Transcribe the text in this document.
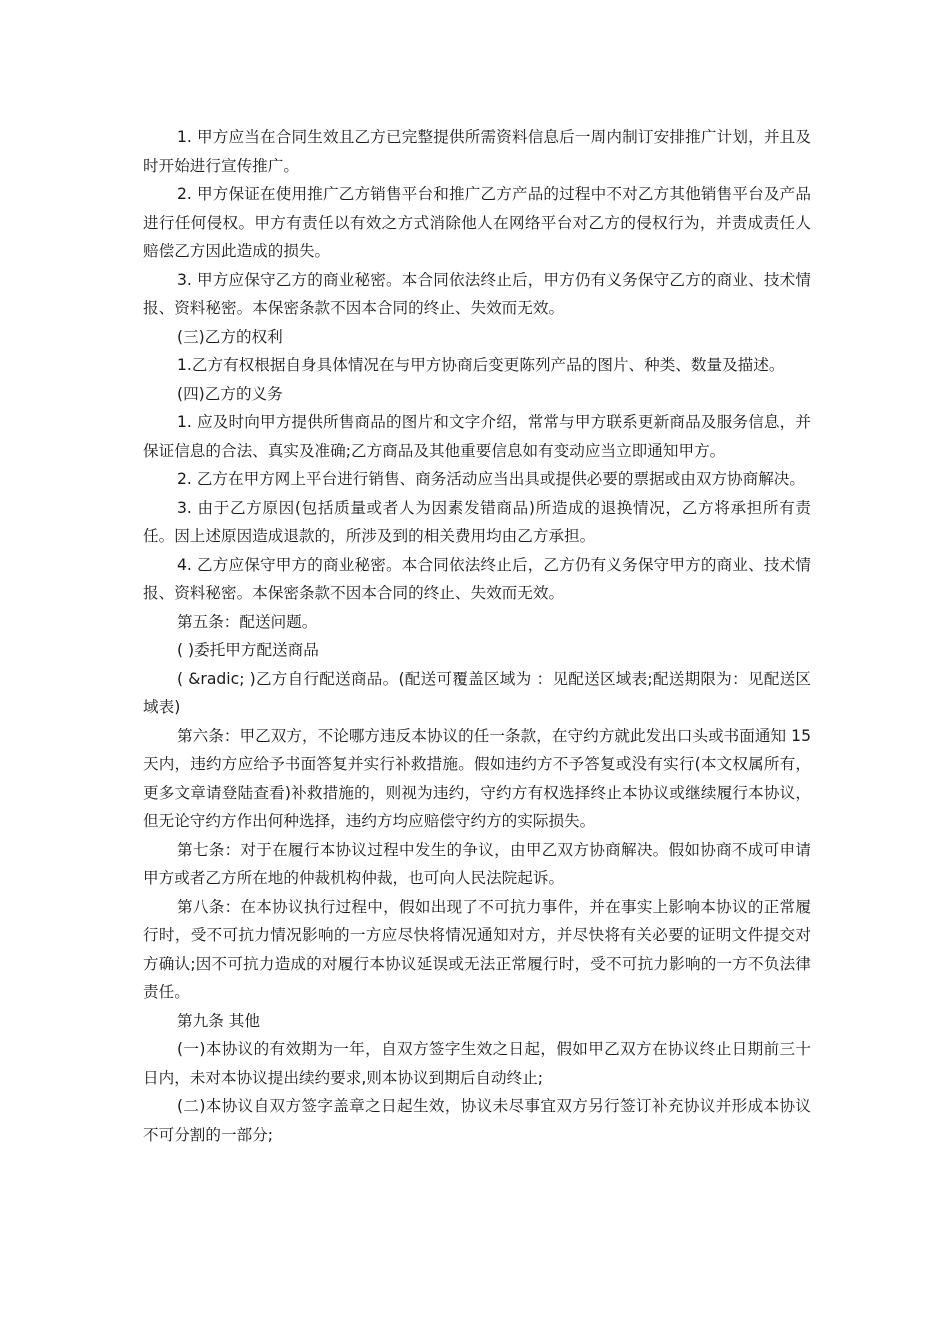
1. 甲方应当在合同生效且乙方已完整提供所需资料信息后一周内制订安排推广计划，并且及时开始进行宣传推广。

2. 甲方保证在使用推广乙方销售平台和推广乙方产品的过程中不对乙方其他销售平台及产品进行任何侵权。甲方有责任以有效之方式消除他人在网络平台对乙方的侵权行为，并责成责任人赔偿乙方因此造成的损失。

3. 甲方应保守乙方的商业秘密。本合同依法终止后，甲方仍有义务保守乙方的商业、技术情报、资料秘密。本保密条款不因本合同的终止、失效而无效。

(三)乙方的权利

1.乙方有权根据自身具体情况在与甲方协商后变更陈列产品的图片、种类、数量及描述。

(四)乙方的义务

1. 应及时向甲方提供所售商品的图片和文字介绍，常常与甲方联系更新商品及服务信息，并保证信息的合法、真实及准确;乙方商品及其他重要信息如有变动应当立即通知甲方。

2. 乙方在甲方网上平台进行销售、商务活动应当出具或提供必要的票据或由双方协商解决。

3. 由于乙方原因(包括质量或者人为因素发错商品)所造成的退换情况，乙方将承担所有责任。因上述原因造成退款的，所涉及到的相关费用均由乙方承担。

4. 乙方应保守甲方的商业秘密。本合同依法终止后，乙方仍有义务保守甲方的商业、技术情报、资料秘密。本保密条款不因本合同的终止、失效而无效。

第五条：配送问题。

( )委托甲方配送商品

( &radic; )乙方自行配送商品。(配送可覆盖区域为 ：见配送区域表;配送期限为：见配送区域表)

第六条：甲乙双方，不论哪方违反本协议的任一条款，在守约方就此发出口头或书面通知 15 天内，违约方应给予书面答复并实行补救措施。假如违约方不予答复或没有实行(本文权属所有，更多文章请登陆查看)补救措施的，则视为违约，守约方有权选择终止本协议或继续履行本协议，但无论守约方作出何种选择，违约方均应赔偿守约方的实际损失。

第七条：对于在履行本协议过程中发生的争议，由甲乙双方协商解决。假如协商不成可申请甲方或者乙方所在地的仲裁机构仲裁，也可向人民法院起诉。

第八条：在本协议执行过程中，假如出现了不可抗力事件，并在事实上影响本协议的正常履行时，受不可抗力情况影响的一方应尽快将情况通知对方，并尽快将有关必要的证明文件提交对方确认;因不可抗力造成的对履行本协议延误或无法正常履行时，受不可抗力影响的一方不负法律责任。

第九条 其他

(一)本协议的有效期为一年，自双方签字生效之日起，假如甲乙双方在协议终止日期前三十日内，未对本协议提出续约要求,则本协议到期后自动终止;

(二)本协议自双方签字盖章之日起生效，协议未尽事宜双方另行签订补充协议并形成本协议不可分割的一部分;
